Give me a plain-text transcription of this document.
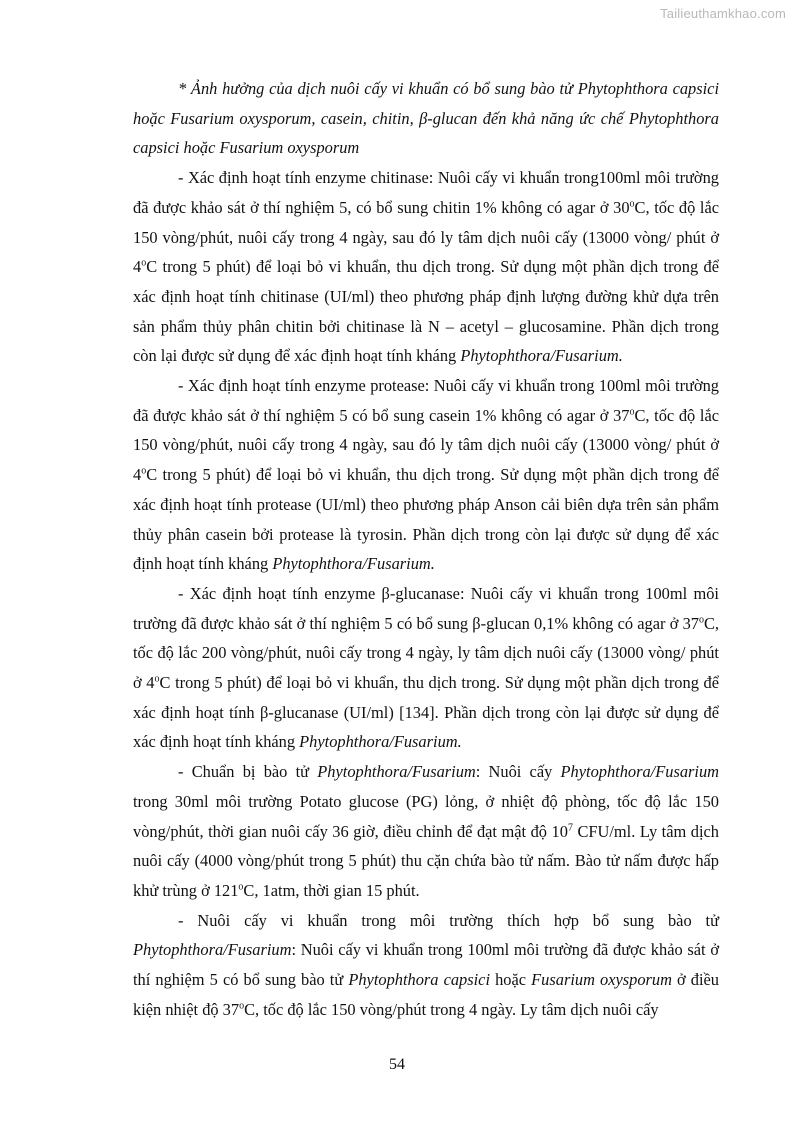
Tailieuthamkhao.com

* Ảnh hưởng của dịch nuôi cấy vi khuẩn có bổ sung bào tử Phytophthora capsici hoặc Fusarium oxysporum, casein, chitin, β-glucan đến khả năng ức chế Phytophthora capsici hoặc Fusarium oxysporum

- Xác định hoạt tính enzyme chitinase: Nuôi cấy vi khuẩn trong100ml môi trường đã được khảo sát ở thí nghiệm 5, có bổ sung chitin 1% không có agar ở 30$^o$C, tốc độ lắc 150 vòng/phút, nuôi cấy trong 4 ngày, sau đó ly tâm dịch nuôi cấy (13000 vòng/ phút ở 4$^o$C trong 5 phút) để loại bỏ vi khuẩn, thu dịch trong. Sử dụng một phần dịch trong để xác định hoạt tính chitinase (UI/ml) theo phương pháp định lượng đường khử dựa trên sản phẩm thủy phân chitin bởi chitinase là N – acetyl – glucosamine. Phần dịch trong còn lại được sử dụng để xác định hoạt tính kháng Phytophthora/Fusarium.

- Xác định hoạt tính enzyme protease: Nuôi cấy vi khuẩn trong 100ml môi trường đã được khảo sát ở thí nghiệm 5 có bổ sung casein 1% không có agar ở 37$^o$C, tốc độ lắc 150 vòng/phút, nuôi cấy trong 4 ngày, sau đó ly tâm dịch nuôi cấy (13000 vòng/ phút ở 4$^o$C trong 5 phút) để loại bỏ vi khuẩn, thu dịch trong. Sử dụng một phần dịch trong để xác định hoạt tính protease (UI/ml) theo phương pháp Anson cải biên dựa trên sản phẩm thủy phân casein bởi protease là tyrosin. Phần dịch trong còn lại được sử dụng để xác định hoạt tính kháng Phytophthora/Fusarium.

- Xác định hoạt tính enzyme β-glucanase: Nuôi cấy vi khuẩn trong 100ml môi trường đã được khảo sát ở thí nghiệm 5 có bổ sung β-glucan 0,1% không có agar ở 37$^o$C, tốc độ lắc 200 vòng/phút, nuôi cấy trong 4 ngày, ly tâm dịch nuôi cấy (13000 vòng/ phút ở 4$^o$C trong 5 phút) để loại bỏ vi khuẩn, thu dịch trong. Sử dụng một phần dịch trong để xác định hoạt tính β-glucanase (UI/ml) [134]. Phần dịch trong còn lại được sử dụng để xác định hoạt tính kháng Phytophthora/Fusarium.

- Chuẩn bị bào tử Phytophthora/Fusarium: Nuôi cấy Phytophthora/Fusarium trong 30ml môi trường Potato glucose (PG) lỏng, ở nhiệt độ phòng, tốc độ lắc 150 vòng/phút, thời gian nuôi cấy 36 giờ, điều chỉnh để đạt mật độ $10^7$ CFU/ml. Ly tâm dịch nuôi cấy (4000 vòng/phút trong 5 phút) thu cặn chứa bào tử nấm. Bào tử nấm được hấp khử trùng ở 121$^o$C, 1atm, thời gian 15 phút.

- Nuôi cấy vi khuẩn trong môi trường thích hợp bổ sung bào tử Phytophthora/Fusarium: Nuôi cấy vi khuẩn trong 100ml môi trường đã được khảo sát ở thí nghiệm 5 có bổ sung bào tử Phytophthora capsici hoặc Fusarium oxysporum ở điều kiện nhiệt độ 37$^o$C, tốc độ lắc 150 vòng/phút trong 4 ngày. Ly tâm dịch nuôi cấy

54
